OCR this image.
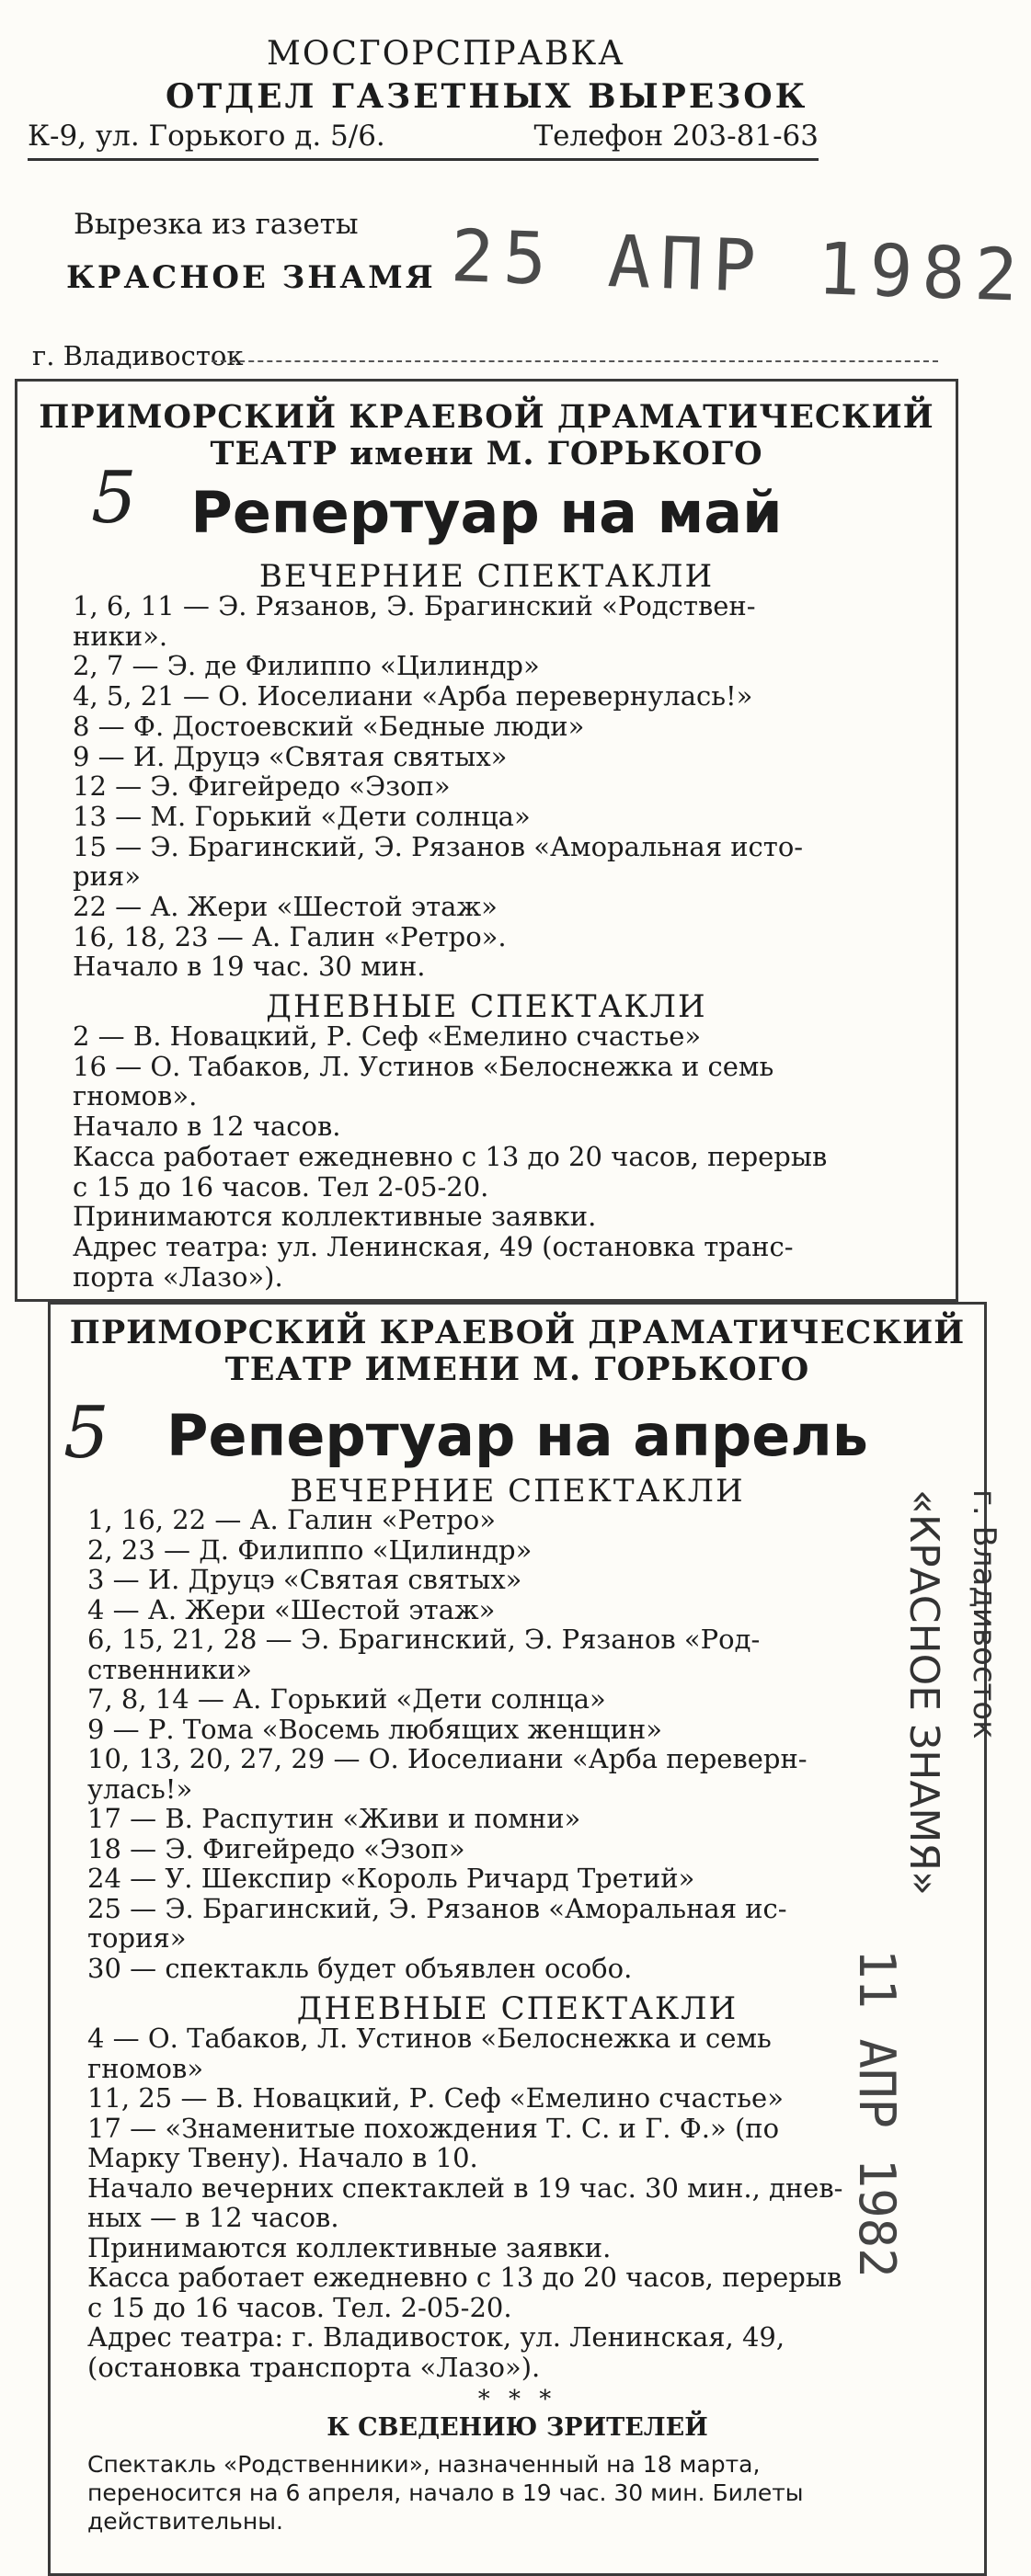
МОСГОРСПРАВКА
ОТДЕЛ ГАЗЕТНЫХ ВЫРЕЗОК
К-9, ул. Горького д. 5/6.	Телефон 203-81-63
Вырезка из газеты
КРАСНОЕ ЗНАМЯ 25 АПР 1982
г. Владивосток
ПРИМОРСКИЙ КРАЕВОЙ ДРАМАТИЧЕСКИЙ
ТЕАТР имени М. ГОРЬКОГО
5 Репертуар на май
ВЕЧЕРНИЕ СПЕКТАКЛИ
1, 6, 11 — Э. Рязанов, Э. Брагинский «Родствен-
ники».
2, 7 — Э. де Филиппо «Цилиндр»
4, 5, 21 — О. Иоселиани «Арба перевернулась!»
8 — Ф. Достоевский «Бедные люди»
9 — И. Друцэ «Святая святых»
12 — Э. Фигейредо «Эзоп»
13 — М. Горький «Дети солнца»
15 — Э. Брагинский, Э. Рязанов «Аморальная исто-
рия»
22 — А. Жери «Шестой этаж»
16, 18, 23 — А. Галин «Ретро».
Начало в 19 час. 30 мин.
ДНЕВНЫЕ СПЕКТАКЛИ
2 — В. Новацкий, Р. Сеф «Емелино счастье»
16 — О. Табаков, Л. Устинов «Белоснежка и семь
гномов».
Начало в 12 часов.
Касса работает ежедневно с 13 до 20 часов, перерыв
с 15 до 16 часов. Тел 2-05-20.
Принимаются коллективные заявки.
Адрес театра: ул. Ленинская, 49 (остановка транс-
порта «Лазо»).
ПРИМОРСКИЙ КРАЕВОЙ ДРАМАТИЧЕСКИЙ
ТЕАТР ИМЕНИ М. ГОРЬКОГО
5	Репертуар на апрель
ВЕЧЕРНИЕ СПЕКТАКЛИ
1, 16, 22 — А. Галин «Ретро»
2, 23 — Д. Филиппо «Цилиндр»
3 — И. Друцэ «Святая святых»
4 — А. Жери «Шестой этаж»
6, 15, 21, 28 — Э. Брагинский, Э. Рязанов «Род-
ственники»
7, 8, 14 — А. Горький «Дети солнца»
9 — Р. Тома «Восемь любящих женщин»
10, 13, 20, 27, 29 — О. Иоселиани «Арба переверн-
улась!»
17 — В. Распутин «Живи и помни»
18 — Э. Фигейредо «Эзоп»
24 — У. Шекспир «Король Ричард Третий»
25 — Э. Брагинский, Э. Рязанов «Аморальная ис-
тория»
30 — спектакль будет объявлен особо.
ДНЕВНЫЕ СПЕКТАКЛИ
4 — О. Табаков, Л. Устинов «Белоснежка и семь
гномов»
11, 25 — В. Новацкий, Р. Сеф «Емелино счастье»
17 — «Знаменитые похождения Т. С. и Г. Ф.» (по
Марку Твену). Начало в 10.
Начало вечерних спектаклей в 19 час. 30 мин., днев-
ных — в 12 часов.
Принимаются коллективные заявки.
Касса работает ежедневно с 13 до 20 часов, перерыв
с 15 до 16 часов. Тел. 2-05-20.
Адрес театра: г. Владивосток, ул. Ленинская, 49,
(остановка транспорта «Лазо»).
* * *
К СВЕДЕНИЮ ЗРИТЕЛЕЙ
Спектакль «Родственники», назначенный на 18 марта,
переносится на 6 апреля, начало в 19 час. 30 мин. Билеты
действительны.
«КРАСНОЕ ЗНАМЯ» г. Владивосток
11 АПР 1982
